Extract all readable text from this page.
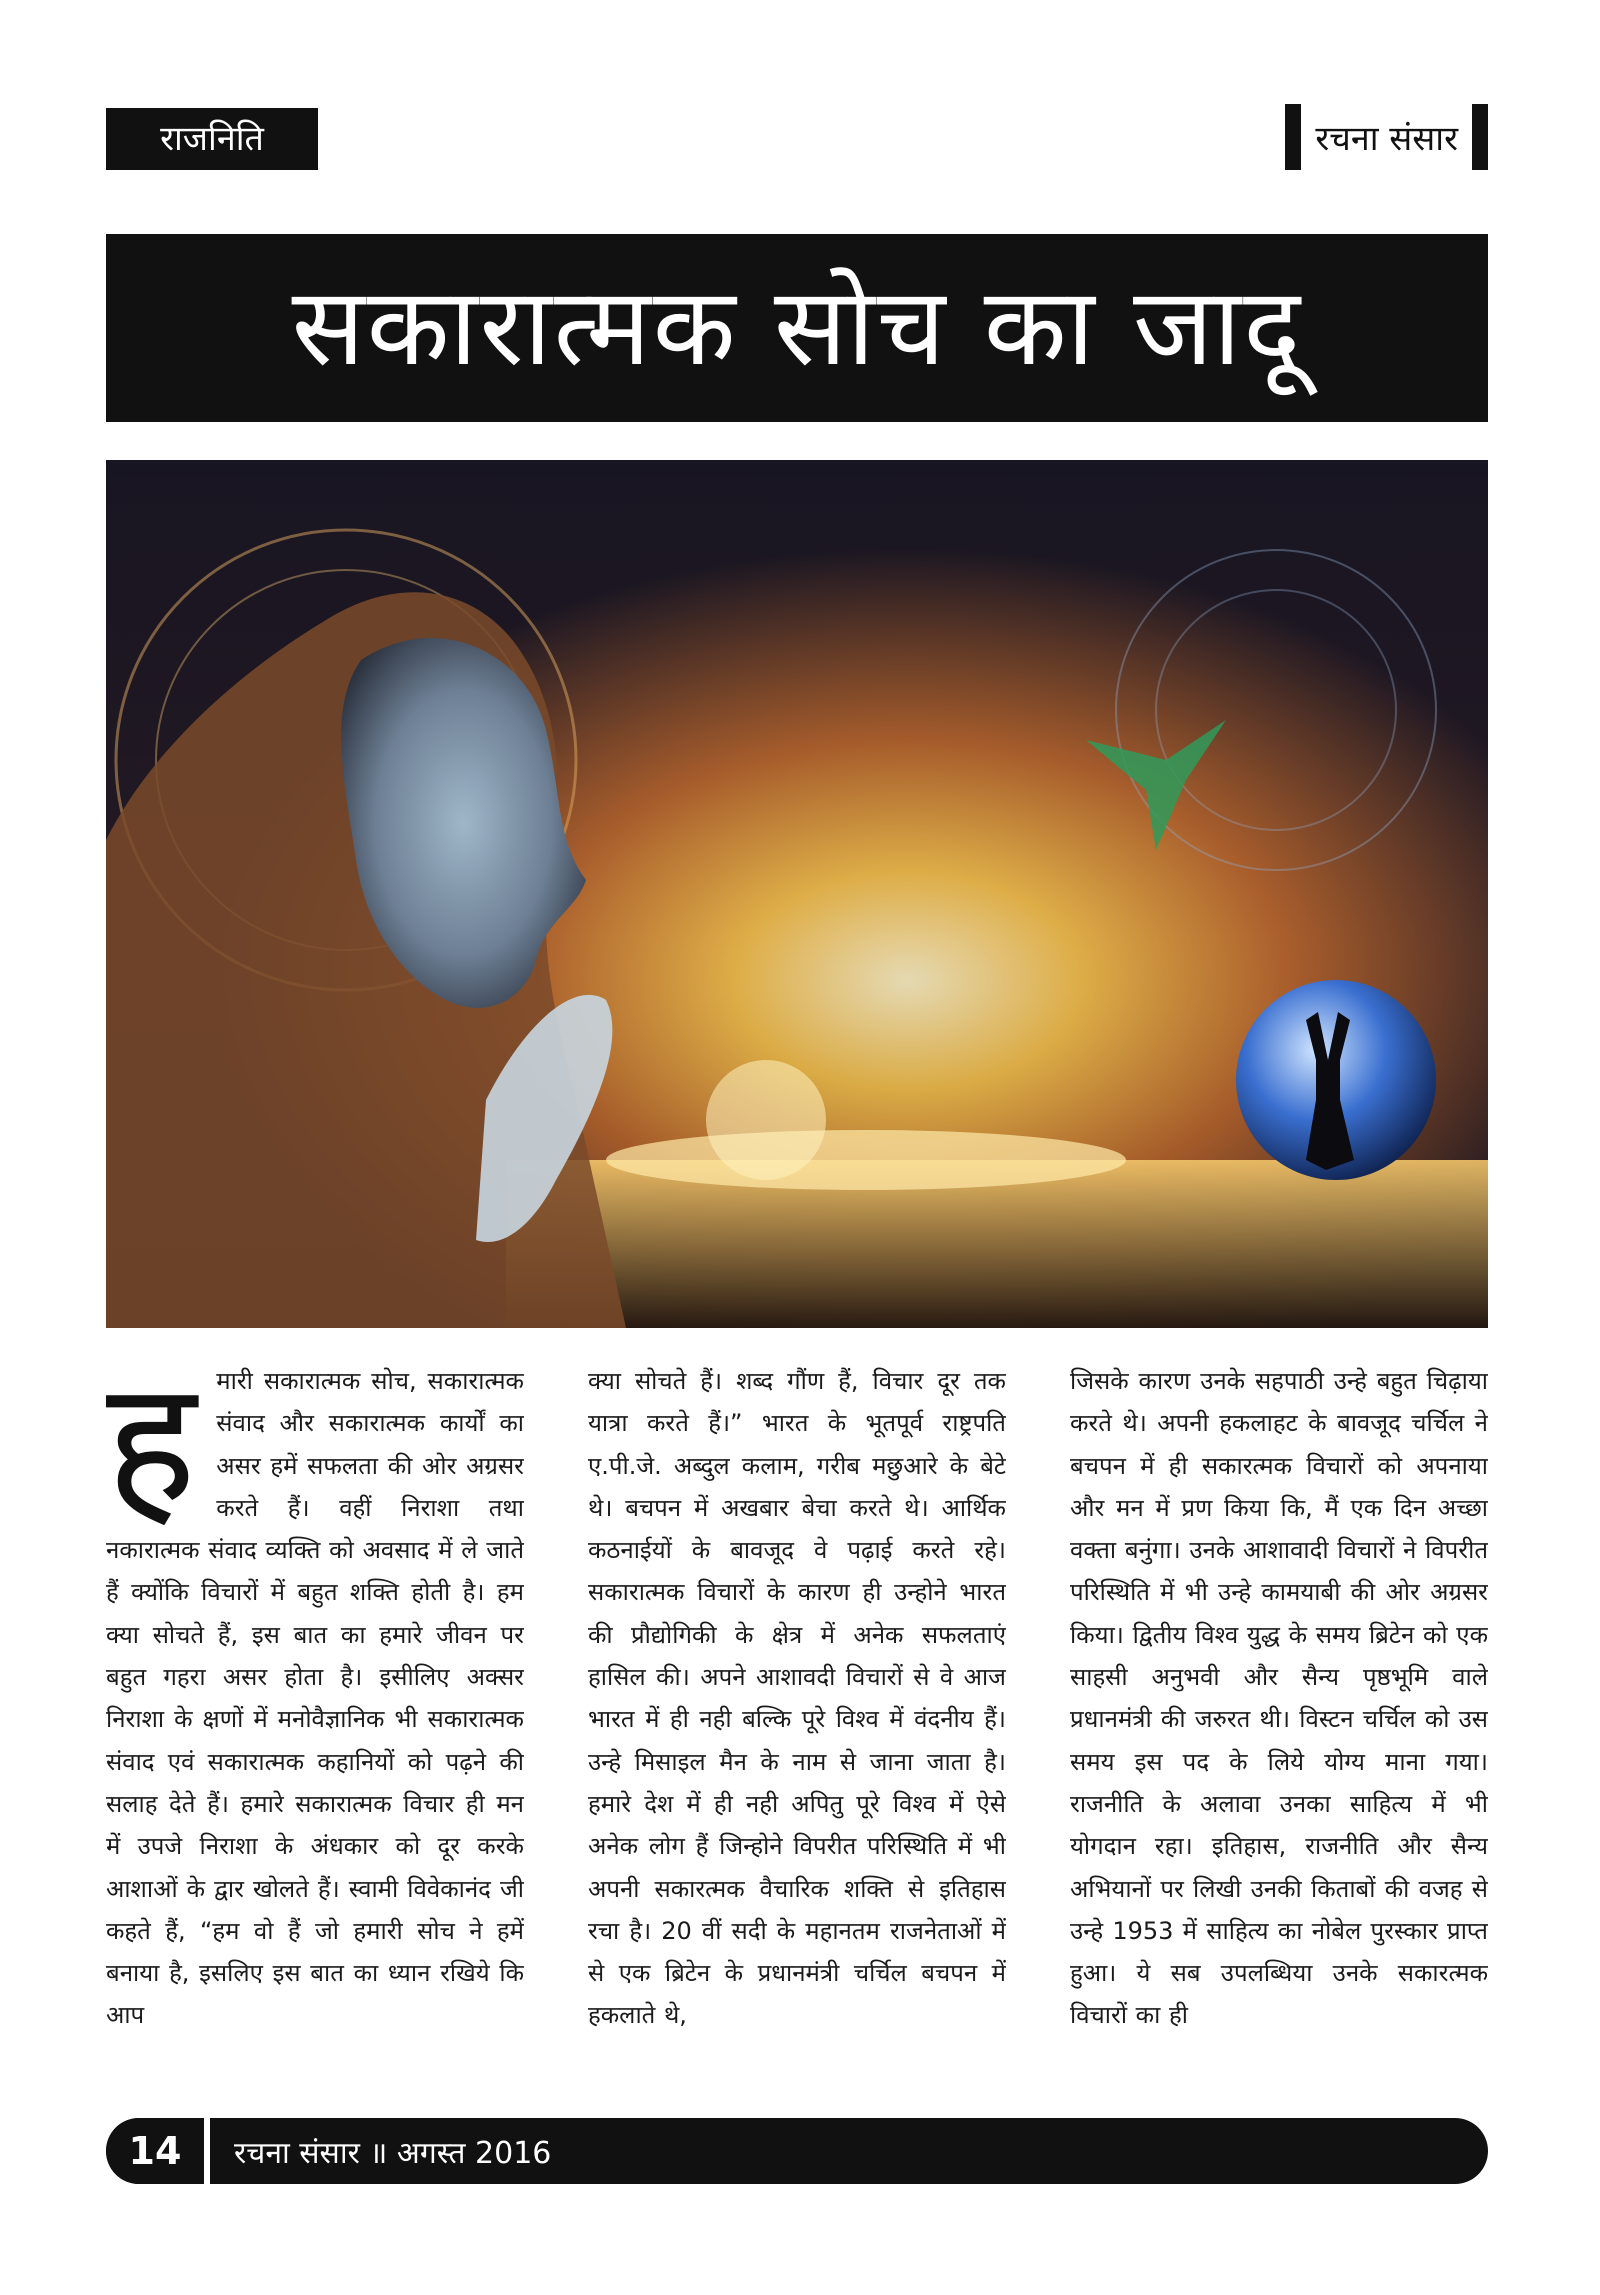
राजनिति	रचना संसार
सकारात्मक सोच का जादू
ह मारी सकारात्मक सोच, सकारात्मक संवाद और सकारात्मक कार्यों का असर हमें सफलता की ओर अग्रसर करते हैं। वहीं निराशा तथा नकारात्मक संवाद व्यक्ति को अवसाद में ले जाते हैं क्योंकि विचारों में बहुत शक्ति होती है। हम क्या सोचते हैं, इस बात का हमारे जीवन पर बहुत गहरा असर होता है। इसीलिए अक्सर निराशा के क्षणों में मनोवैज्ञानिक भी सकारात्मक संवाद एवं सकारात्मक कहानियों को पढ़ने की सलाह देते हैं। हमारे सकारात्मक विचार ही मन में उपजे निराशा के अंधकार को दूर करके आशाओं के द्वार खोलते हैं। स्वामी विवेकानंद जी कहते हैं, “हम वो हैं जो हमारी सोच ने हमें बनाया है, इसलिए इस बात का ध्यान रखिये कि आप

क्या सोचते हैं। शब्द गौंण हैं, विचार दूर तक यात्रा करते हैं।” भारत के भूतपूर्व राष्ट्रपति ए.पी.जे. अब्दुल कलाम, गरीब मछुआरे के बेटे थे। बचपन में अखबार बेचा करते थे। आर्थिक कठनाईयों के बावजूद वे पढ़ाई करते रहे। सकारात्मक विचारों के कारण ही उन्होने भारत की प्रौद्योगिकी के क्षेत्र में अनेक सफलताएं हासिल की। अपने आशावदी विचारों से वे आज भारत में ही नही बल्कि पूरे विश्व में वंदनीय हैं। उन्हे मिसाइल मैन के नाम से जाना जाता है। हमारे देश में ही नही अपितु पूरे विश्व में ऐसे अनेक लोग हैं जिन्होने विपरीत परिस्थिति में भी अपनी सकारत्मक वैचारिक शक्ति से इतिहास रचा है। 20 वीं सदी के महानतम राजनेताओं में से एक ब्रिटेन के प्रधानमंत्री चर्चिल बचपन में हकलाते थे,

जिसके कारण उनके सहपाठी उन्हे बहुत चिढ़ाया करते थे। अपनी हकलाहट के बावजूद चर्चिल ने बचपन में ही सकारत्मक विचारों को अपनाया और मन में प्रण किया कि, मैं एक दिन अच्छा वक्ता बनुंगा। उनके आशावादी विचारों ने विपरीत परिस्थिति में भी उन्हे कामयाबी की ओर अग्रसर किया। द्वितीय विश्व युद्ध के समय ब्रिटेन को एक साहसी अनुभवी और सैन्य पृष्ठभूमि वाले प्रधानमंत्री की जरुरत थी। विस्टन चर्चिल को उस समय इस पद के लिये योग्य माना गया। राजनीति के अलावा उनका साहित्य में भी योगदान रहा। इतिहास, राजनीति और सैन्य अभियानों पर लिखी उनकी किताबों की वजह से उन्हे 1953 में साहित्य का नोबेल पुरस्कार प्राप्त हुआ। ये सब उपलब्धिया उनके सकारत्मक विचारों का ही

14	रचना संसार ॥ अगस्त 2016
